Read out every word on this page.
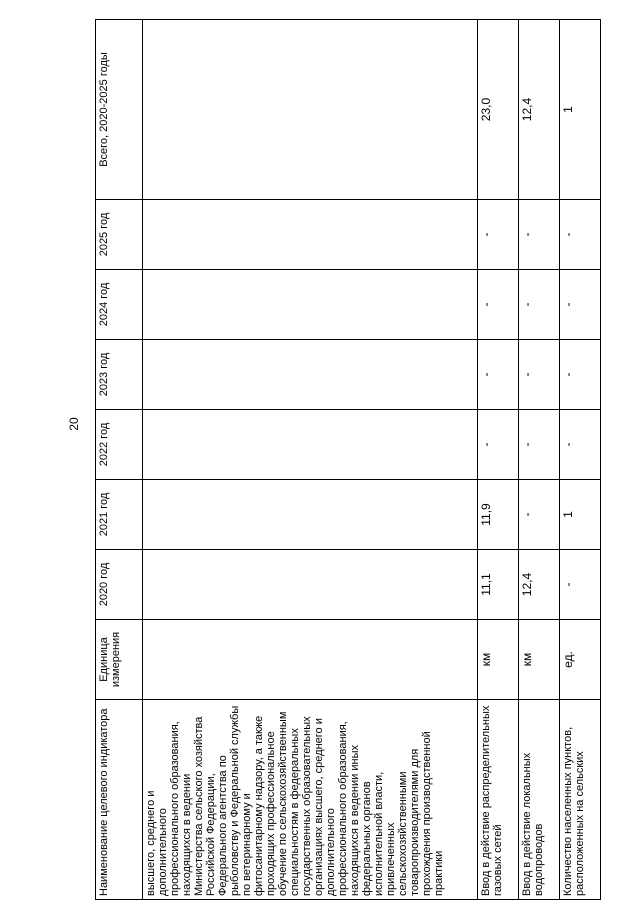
20
Наименование целевого индикатора	Единица измерения	2020 год	2021 год	2022 год	2023 год	2024 год	2025 год	Всего, 2020-2025 годы
высшего, среднего и дополнительного профессионального образования, находящихся в ведении Министерства сельского хозяйства Российской Федерации, Федерального агентства по рыболовству и Федеральной службы по ветеринарному и фитосанитарному надзору, а также проходящих профессиональное обучение по сельскохозяйственным специальностям в федеральных государственных образовательных организациях высшего, среднего и дополнительного профессионального образования, находящихся в ведении иных федеральных органов исполнительной власти, привлеченных сельскохозяйственными товаропроизводителями для прохождения производственной практики								
Ввод в действие распределительных газовых сетей	км	11,1	11,9	-	-	-	-	23,0
Ввод в действие локальных водопроводов	км	12,4	-	-	-	-	-	12,4
Количество населенных пунктов, расположенных на сельских	ед.	-	1	-	-	-	-	1
